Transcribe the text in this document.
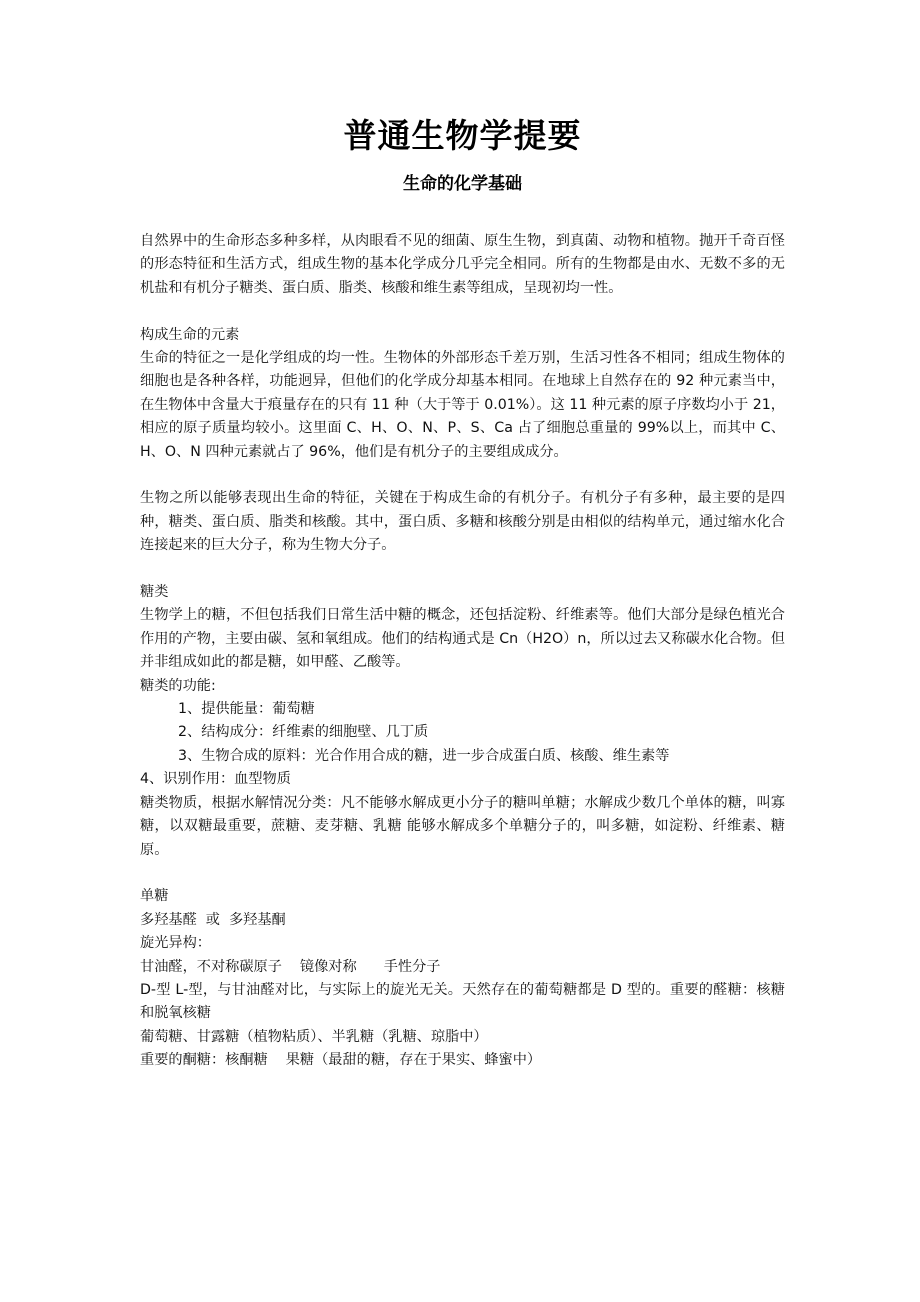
普通生物学提要
生命的化学基础

自然界中的生命形态多种多样，从肉眼看不见的细菌、原生生物，到真菌、动物和植物。抛开千奇百怪的形态特征和生活方式，组成生物的基本化学成分几乎完全相同。所有的生物都是由水、无数不多的无机盐和有机分子糖类、蛋白质、脂类、核酸和维生素等组成，呈现初均一性。

构成生命的元素

生命的特征之一是化学组成的均一性。生物体的外部形态千差万别，生活习性各不相同；组成生物体的细胞也是各种各样，功能迥异，但他们的化学成分却基本相同。在地球上自然存在的 92 种元素当中，在生物体中含量大于痕量存在的只有 11 种（大于等于 0.01%）。这 11 种元素的原子序数均小于 21，相应的原子质量均较小。这里面 C、H、O、N、P、S、Ca 占了细胞总重量的 99%以上，而其中 C、H、O、N 四种元素就占了 96%，他们是有机分子的主要组成成分。

生物之所以能够表现出生命的特征，关键在于构成生命的有机分子。有机分子有多种，最主要的是四种，糖类、蛋白质、脂类和核酸。其中，蛋白质、多糖和核酸分别是由相似的结构单元，通过缩水化合连接起来的巨大分子，称为生物大分子。

糖类

生物学上的糖，不但包括我们日常生活中糖的概念，还包括淀粉、纤维素等。他们大部分是绿色植光合作用的产物，主要由碳、氢和氧组成。他们的结构通式是 Cn（H2O）n，所以过去又称碳水化合物。但并非组成如此的都是糖，如甲醛、乙酸等。

糖类的功能:

1、提供能量：葡萄糖

2、结构成分：纤维素的细胞壁、几丁质

3、生物合成的原料：光合作用合成的糖，进一步合成蛋白质、核酸、维生素等

4、识别作用：血型物质

糖类物质，根据水解情况分类：凡不能够水解成更小分子的糖叫单糖；水解成少数几个单体的糖，叫寡糖，以双糖最重要，蔗糖、麦芽糖、乳糖 能够水解成多个单糖分子的，叫多糖，如淀粉、纤维素、糖原。

单糖

多羟基醛  或  多羟基酮

旋光异构：

甘油醛，不对称碳原子    镜像对称      手性分子

D-型 L-型，与甘油醛对比，与实际上的旋光无关。天然存在的葡萄糖都是 D 型的。重要的醛糖：核糖和脱氧核糖

葡萄糖、甘露糖（植物粘质）、半乳糖（乳糖、琼脂中）

重要的酮糖：核酮糖    果糖（最甜的糖，存在于果实、蜂蜜中）
